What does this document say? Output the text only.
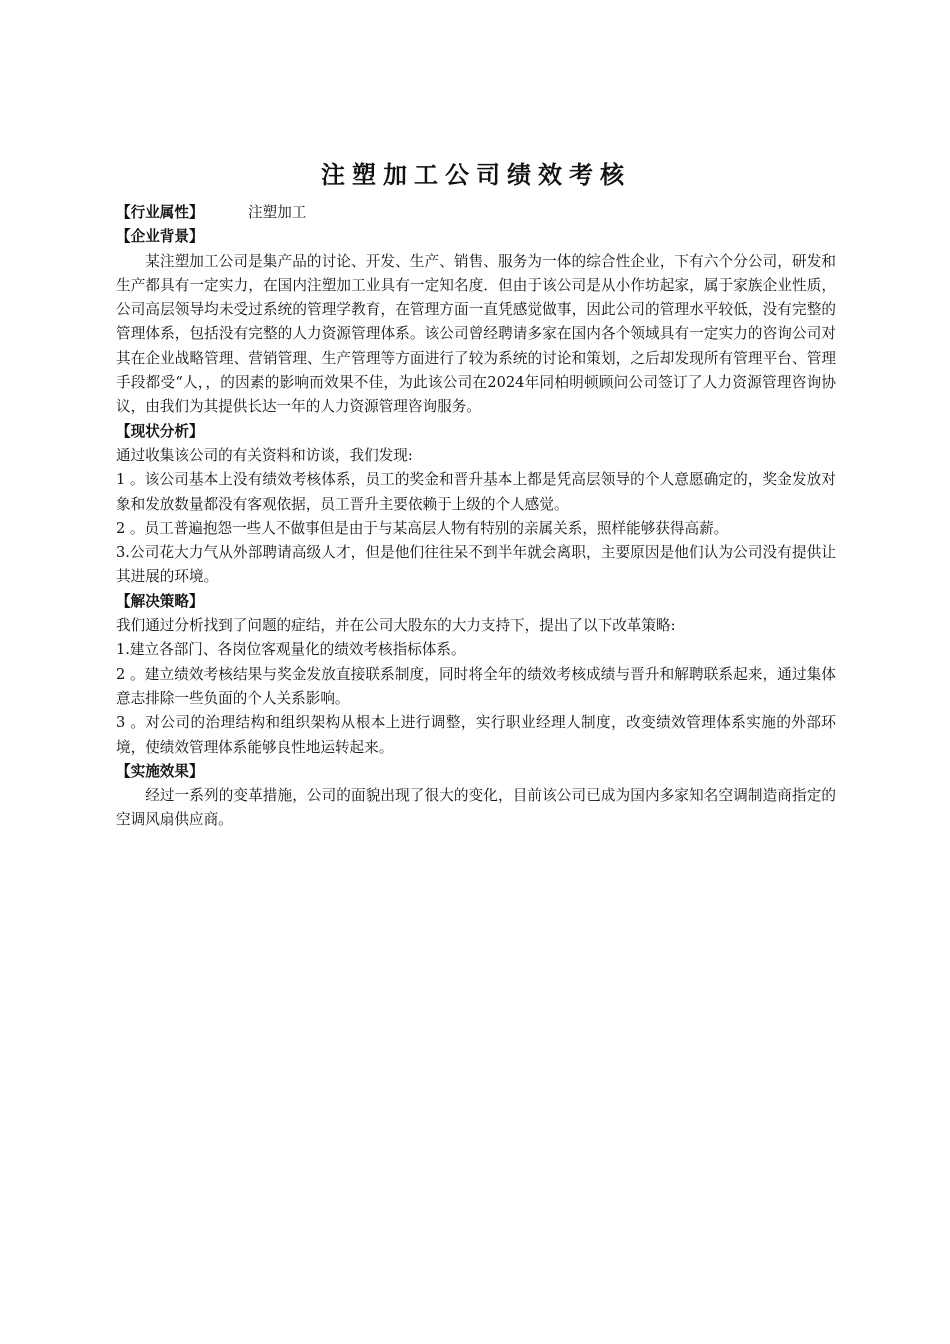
注塑加工公司绩效考核
【行业属性】	注塑加工
【企业背景】

某注塑加工公司是集产品的讨论、开发、生产、销售、服务为一体的综合性企业，下有六个分公司，研发和生产都具有一定实力，在国内注塑加工业具有一定知名度．但由于该公司是从小作坊起家，属于家族企业性质，公司高层领导均未受过系统的管理学教育，在管理方面一直凭感觉做事，因此公司的管理水平较低，没有完整的管理体系，包括没有完整的人力资源管理体系。该公司曾经聘请多家在国内各个领域具有一定实力的咨询公司对其在企业战略管理、营销管理、生产管理等方面进行了较为系统的讨论和策划，之后却发现所有管理平台、管理手段都受“人，，的因素的影响而效果不佳，为此该公司在2024年同柏明顿顾问公司签订了人力资源管理咨询协议，由我们为其提供长达一年的人力资源管理咨询服务。

【现状分析】

通过收集该公司的有关资料和访谈，我们发现:

1 。该公司基本上没有绩效考核体系，员工的奖金和晋升基本上都是凭高层领导的个人意愿确定的，奖金发放对象和发放数量都没有客观依据，员工晋升主要依赖于上级的个人感觉。

2 。员工普遍抱怨一些人不做事但是由于与某高层人物有特别的亲属关系，照样能够获得高薪。

3.公司花大力气从外部聘请高级人才，但是他们往往呆不到半年就会离职，主要原因是他们认为公司没有提供让其进展的环境。

【解决策略】

我们通过分析找到了问题的症结，并在公司大股东的大力支持下，提出了以下改革策略:

1.建立各部门、各岗位客观量化的绩效考核指标体系。

2 。建立绩效考核结果与奖金发放直接联系制度，同时将全年的绩效考核成绩与晋升和解聘联系起来，通过集体意志排除一些负面的个人关系影响。

3 。对公司的治理结构和组织架构从根本上进行调整，实行职业经理人制度，改变绩效管理体系实施的外部环境，使绩效管理体系能够良性地运转起来。

【实施效果】

经过一系列的变革措施，公司的面貌出现了很大的变化，目前该公司已成为国内多家知名空调制造商指定的空调风扇供应商。
